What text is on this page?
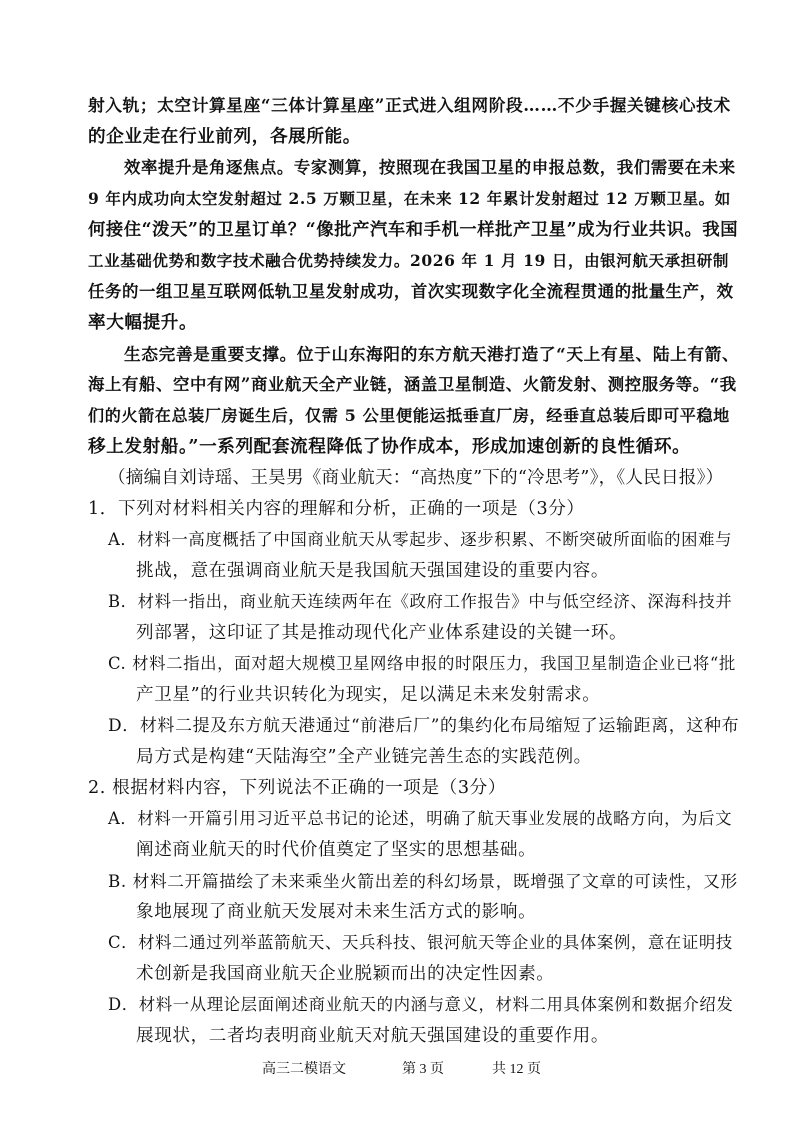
射入轨；太空计算星座“三体计算星座”正式进入组网阶段……不少手握关键核心技术
的企业走在行业前列，各展所能。
效率提升是角逐焦点。专家测算，按照现在我国卫星的申报总数，我们需要在未来
9 年内成功向太空发射超过 2.5 万颗卫星，在未来 12 年累计发射超过 12 万颗卫星。如
何接住“泼天”的卫星订单？“像批产汽车和手机一样批产卫星”成为行业共识。我国
工业基础优势和数字技术融合优势持续发力。2026 年 1 月 19 日，由银河航天承担研制
任务的一组卫星互联网低轨卫星发射成功，首次实现数字化全流程贯通的批量生产，效
率大幅提升。
生态完善是重要支撑。位于山东海阳的东方航天港打造了“天上有星、陆上有箭、
海上有船、空中有网”商业航天全产业链，涵盖卫星制造、火箭发射、测控服务等。“我
们的火箭在总装厂房诞生后，仅需 5 公里便能运抵垂直厂房，经垂直总装后即可平稳地
移上发射船。”一系列配套流程降低了协作成本，形成加速创新的良性循环。
（摘编自刘诗瑶、王昊男《商业航天：“高热度”下的“冷思考”》，《人民日报》）
1．下列对材料相关内容的理解和分析，正确的一项是（3分）
A．材料一高度概括了中国商业航天从零起步、逐步积累、不断突破所面临的困难与
挑战，意在强调商业航天是我国航天强国建设的重要内容。
B．材料一指出，商业航天连续两年在《政府工作报告》中与低空经济、深海科技并
列部署，这印证了其是推动现代化产业体系建设的关键一环。
C. 材料二指出，面对超大规模卫星网络申报的时限压力，我国卫星制造企业已将“批
产卫星”的行业共识转化为现实，足以满足未来发射需求。
D．材料二提及东方航天港通过“前港后厂”的集约化布局缩短了运输距离，这种布
局方式是构建“天陆海空”全产业链完善生态的实践范例。
2. 根据材料内容，下列说法不正确的一项是（3分）
A．材料一开篇引用习近平总书记的论述，明确了航天事业发展的战略方向，为后文
阐述商业航天的时代价值奠定了坚实的思想基础。
B. 材料二开篇描绘了未来乘坐火箭出差的科幻场景，既增强了文章的可读性，又形
象地展现了商业航天发展对未来生活方式的影响。
C．材料二通过列举蓝箭航天、天兵科技、银河航天等企业的具体案例，意在证明技
术创新是我国商业航天企业脱颖而出的决定性因素。
D．材料一从理论层面阐述商业航天的内涵与意义，材料二用具体案例和数据介绍发
展现状，二者均表明商业航天对航天强国建设的重要作用。
高三二模语文	第 3 页	共 12 页
